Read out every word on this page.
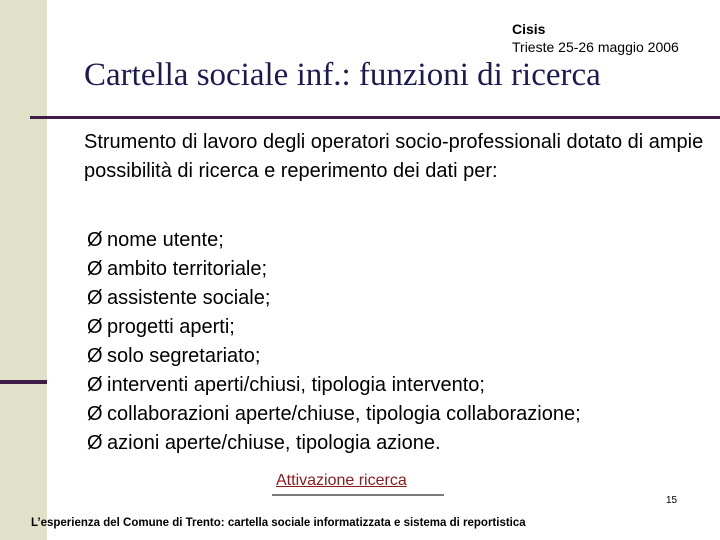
Cisis
Trieste 25-26 maggio 2006
Cartella sociale inf.: funzioni di ricerca
Strumento di lavoro degli operatori socio-professionali dotato di ampie possibilità di ricerca e reperimento dei dati per:
Ø nome utente;
Ø ambito territoriale;
Ø assistente sociale;
Ø progetti aperti;
Ø solo segretariato;
Ø interventi aperti/chiusi, tipologia intervento;
Ø collaborazioni aperte/chiuse, tipologia collaborazione;
Ø azioni aperte/chiuse, tipologia azione.
Attivazione ricerca
15
L’esperienza del Comune di Trento: cartella sociale informatizzata e sistema di reportistica
